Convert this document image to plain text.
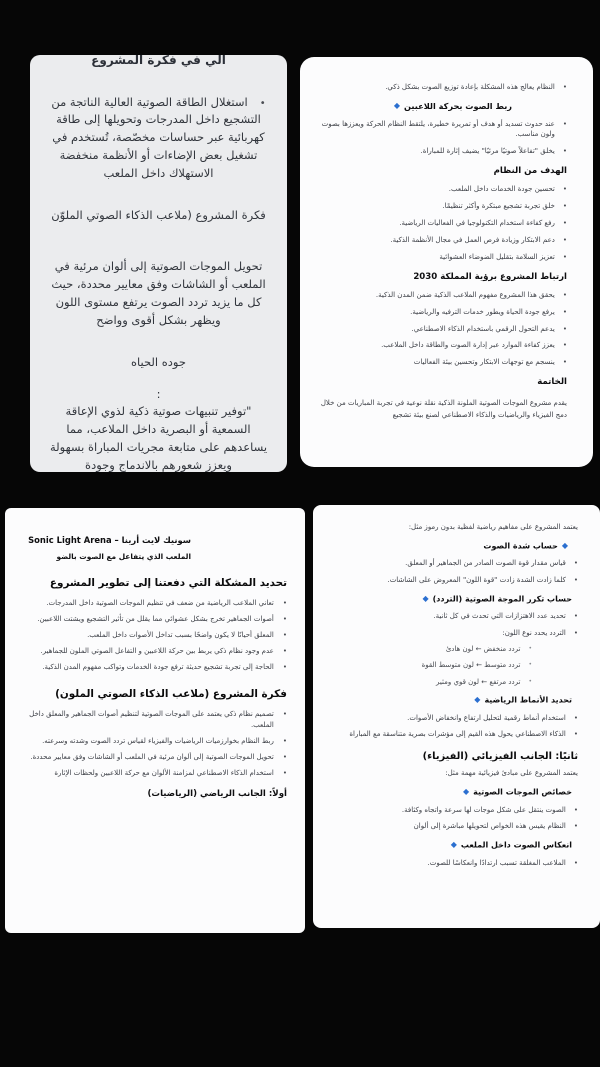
الي في فكرة المشروع
•استغلال الطاقة الصوتية العالية الناتجة من التشجيع داخل المدرجات وتحويلها إلى طاقة كهربائية عبر حساسات مخصّصة، تُستخدم في تشغيل بعض الإضاءات أو الأنظمة منخفضة الاستهلاك داخل الملعب
فكرة المشروع (ملاعب الذكاء الصوتي الملوّن
تحويل الموجات الصوتية إلى ألوان مرئية في الملعب أو الشاشات وفق معايير محددة، حيث كل ما يزيد تردد الصوت يرتفع مستوى اللون ويظهر بشكل أقوى وواضح
جوده الحياه
:
"توفير تنبيهات صوتية ذكية لذوي الإعاقة السمعية أو البصرية داخل الملاعب، مما يساعدهم على متابعة مجريات المباراة بسهولة ويعزز شعورهم بالاندماج وجودة
•
النظام يعالج هذه المشكلة بإعادة توزيع الصوت بشكل ذكي.
ربط الصوت بحركة اللاعبين◆
•
عند حدوث تسديد أو هدف أو تمريرة خطيرة، يلتقط النظام الحركة ويعززها بصوت ولون مناسب.
•
يخلق "تفاعلاً صوتيًا مرئيًا" يضيف إثارة للمباراة.
الهدف من النظام
•
تحسين جودة الخدمات داخل الملعب.
•
خلق تجربة تشجيع مبتكرة وأكثر تنظيمًا.
•
رفع كفاءة استخدام التكنولوجيا في الفعاليات الرياضية.
•
دعم الابتكار وزيادة فرص العمل في مجال الأنظمة الذكية.
•
تعزيز السلامة بتقليل الضوضاء العشوائية
ارتباط المشروع برؤية المملكة 2030
•
يحقق هذا المشروع مفهوم الملاعب الذكية ضمن المدن الذكية.
•
يرفع جودة الحياة ويطور خدمات الترفيه والرياضية.
•
يدعم التحول الرقمي باستخدام الذكاء الاصطناعي.
•
يعزز كفاءة الموارد عبر إدارة الصوت والطاقة داخل الملاعب.
•
ينسجم مع توجهات الابتكار وتحسين بيئة الفعاليات
الخاتمة
يقدم مشروع الموجات الصوتية الملونة الذكية نقلة نوعية في تجربة المباريات من خلال دمج الفيزياء والرياضيات والذكاء الاصطناعي لصنع بيئة تشجيع
سونيك لايت أرينا – Sonic Light Arena
الملعب الذي يتفاعل مع الصوت بالضو
تحديد المشكلة التي دفعتنا إلى تطوير المشروع
•
تعاني الملاعب الرياضية من ضعف في تنظيم الموجات الصوتية داخل المدرجات.
•
أصوات الجماهير تخرج بشكل عشوائي مما يقلل من تأثير التشجيع ويشتت اللاعبين.
•
المعلق أحيانًا لا يكون واضحًا بسبب تداخل الأصوات داخل الملعب.
•
عدم وجود نظام ذكي يربط بين حركة اللاعبين و التفاعل الصوتي الملون للجماهير.
•
الحاجة إلى تجربة تشجيع حديثة ترفع جودة الخدمات وتواكب مفهوم المدن الذكية.
فكرة المشروع (ملاعب الذكاء الصوتي الملون)
•
تصميم نظام ذكي يعتمد على الموجات الصوتية لتنظيم أصوات الجماهير والمعلق داخل الملعب.
•
ربط النظام بخوارزميات الرياضيات والفيزياء لقياس تردد الصوت وشدته وسرعته.
•
تحويل الموجات الصوتية إلى ألوان مرئية في الملعب أو الشاشات وفق معايير محددة.
•
استخدام الذكاء الاصطناعي لمزامنة الألوان مع حركة اللاعبين ولحظات الإثارة
أولاً: الجانب الرياضي (الرياضيات)
يعتمد المشروع على مفاهيم رياضية لفظية بدون رموز مثل:
◆حساب شدة الصوت
•
قياس مقدار قوة الصوت الصادر من الجماهير أو المعلق.
•
كلما زادت الشدة زادت "قوة اللون" المعروض على الشاشات.
حساب تكرر الموجة الصوتية (التردد)◆
•
تحديد عدد الاهتزازات التي تحدث في كل ثانية.
•
التردد يحدد نوع اللون:
•
تردد منخفض ← لون هادئ
•
تردد متوسط ← لون متوسط القوة
•
تردد مرتفع ← لون قوي ومثير
تحديد الأنماط الرياضية◆
•
استخدام أنماط رقمية لتحليل ارتفاع وانخفاض الأصوات.
•
الذكاء الاصطناعي يحول هذه القيم إلى مؤشرات بصرية متناسقة مع المباراة
ثانيًا: الجانب الفيزيائي (الفيزياء)
يعتمد المشروع على مبادئ فيزيائية مهمة مثل:
خصائص الموجات الصوتية◆
•
الصوت ينتقل على شكل موجات لها سرعة واتجاه وكثافة.
•
النظام يقيس هذه الخواص لتحويلها مباشرة إلى ألوان
انعكاس الصوت داخل الملعب◆
•
الملاعب المغلقة تسبب ارتدادًا وانعكاسًا للصوت.
